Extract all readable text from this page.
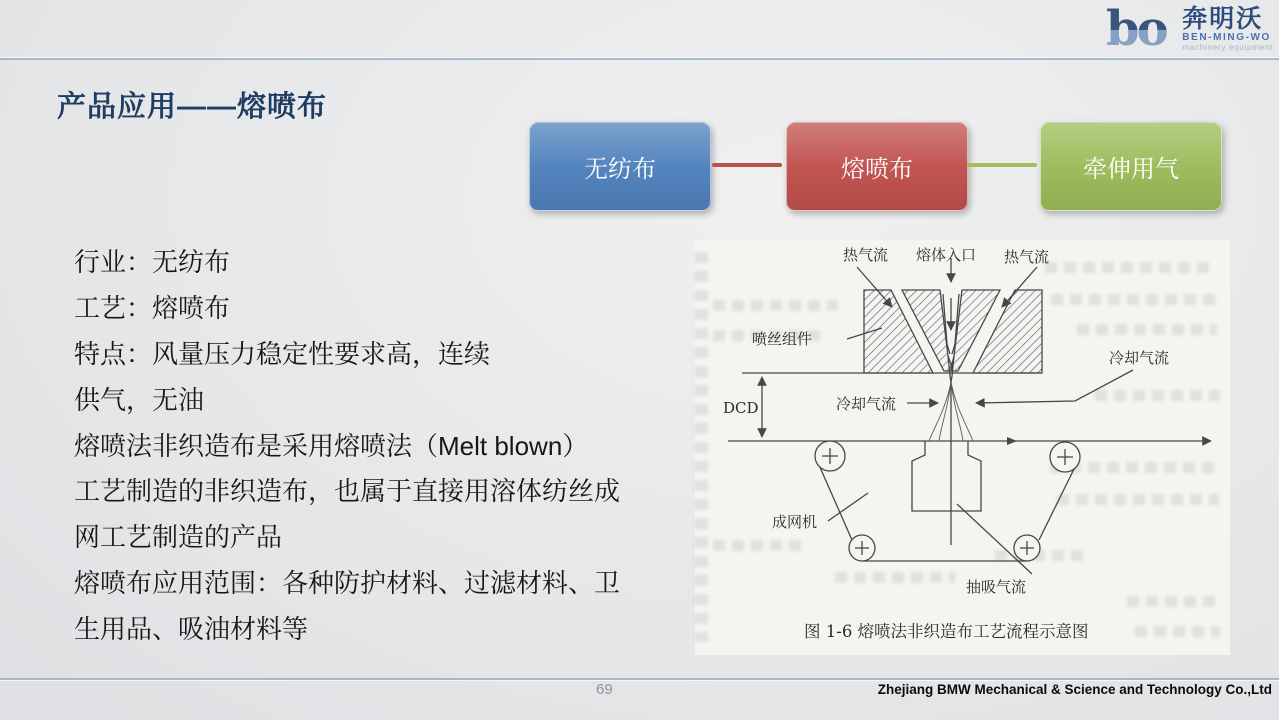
bo 奔明沃
BEN-MING-WO
machinery equipment
产品应用——熔喷布
无纺布	熔喷布	牵伸用气
行业：无纺布
工艺：熔喷布
特点：风量压力稳定性要求高，连续
供气，无油
熔喷法非织造布是采用熔喷法（Melt blown）
工艺制造的非织造布，也属于直接用溶体纺丝成
网工艺制造的产品
熔喷布应用范围：各种防护材料、过滤材料、卫
生用品、吸油材料等
热气流 熔体入口 热气流
喷丝组件
冷却气流
DCD	冷却气流
成网机
抽吸气流
图 1-6 熔喷法非织造布工艺流程示意图
69	Zhejiang BMW Mechanical & Science and Technology Co.,Ltd
